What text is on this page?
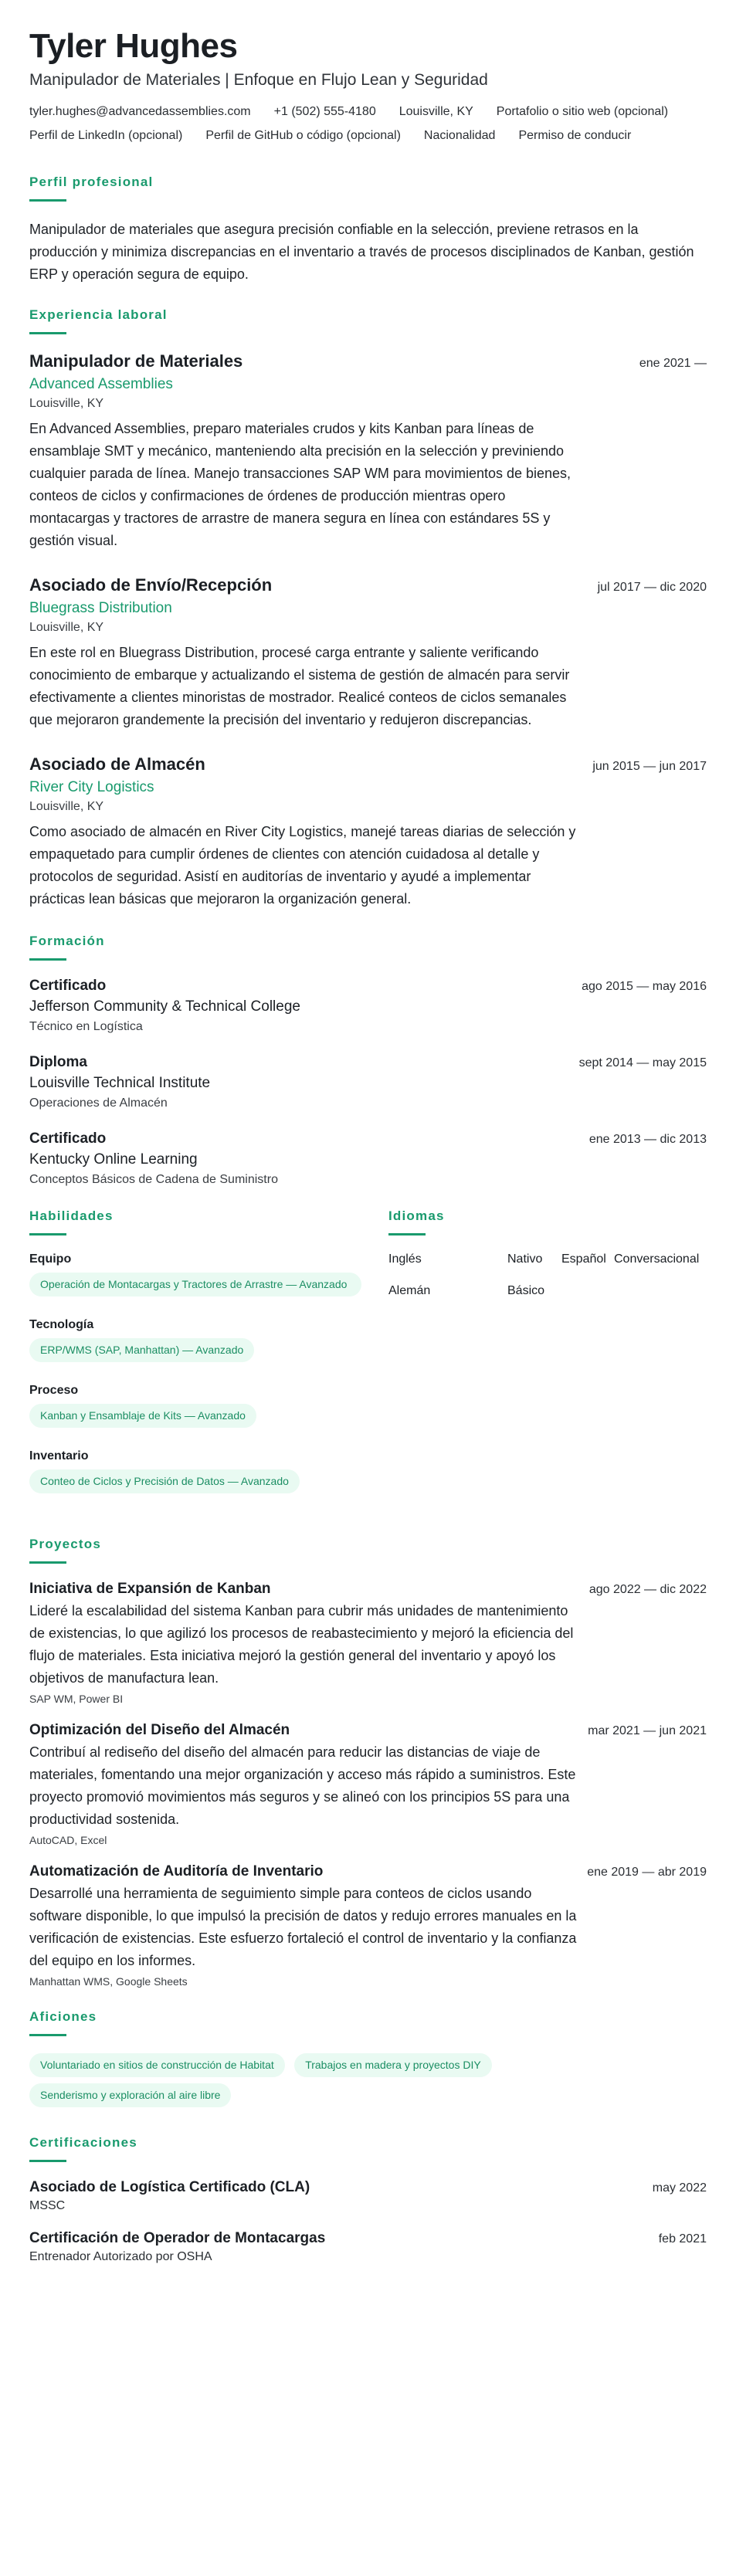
Tyler Hughes
Manipulador de Materiales | Enfoque en Flujo Lean y Seguridad
tyler.hughes@advancedassemblies.com +1 (502) 555-4180 Louisville, KY Portafolio o sitio web (opcional)
Perfil de LinkedIn (opcional) Perfil de GitHub o código (opcional) Nacionalidad Permiso de conducir
Perfil profesional

Manipulador de materiales que asegura precisión confiable en la selección, previene retrasos en la producción y minimiza discrepancias en el inventario a través de procesos disciplinados de Kanban, gestión ERP y operación segura de equipo.

Experiencia laboral
Manipulador de Materiales	ene 2021 —
Advanced Assemblies
Louisville, KY

En Advanced Assemblies, preparo materiales crudos y kits Kanban para líneas de ensamblaje SMT y mecánico, manteniendo alta precisión en la selección y previniendo cualquier parada de línea. Manejo transacciones SAP WM para movimientos de bienes, conteos de ciclos y confirmaciones de órdenes de producción mientras opero montacargas y tractores de arrastre de manera segura en línea con estándares 5S y gestión visual.

Asociado de Envío/Recepción	jul 2017 — dic 2020
Bluegrass Distribution
Louisville, KY

En este rol en Bluegrass Distribution, procesé carga entrante y saliente verificando conocimiento de embarque y actualizando el sistema de gestión de almacén para servir efectivamente a clientes minoristas de mostrador. Realicé conteos de ciclos semanales que mejoraron grandemente la precisión del inventario y redujeron discrepancias.

Asociado de Almacén	jun 2015 — jun 2017
River City Logistics
Louisville, KY

Como asociado de almacén en River City Logistics, manejé tareas diarias de selección y empaquetado para cumplir órdenes de clientes con atención cuidadosa al detalle y protocolos de seguridad. Asistí en auditorías de inventario y ayudé a implementar prácticas lean básicas que mejoraron la organización general.

Formación
Certificado	ago 2015 — may 2016
Jefferson Community & Technical College
Técnico en Logística
Diploma	sept 2014 — may 2015
Louisville Technical Institute
Operaciones de Almacén
Certificado	ene 2013 — dic 2013
Kentucky Online Learning
Conceptos Básicos de Cadena de Suministro
Habilidades
Equipo
Operación de Montacargas y Tractores de Arrastre — Avanzado
Tecnología
ERP/WMS (SAP, Manhattan) — Avanzado
Proceso
Kanban y Ensamblaje de Kits — Avanzado
Inventario
Conteo de Ciclos y Precisión de Datos — Avanzado
Idiomas
Inglés	Nativo	Español Conversacional
Alemán	Básico
Proyectos
Iniciativa de Expansión de Kanban	ago 2022 — dic 2022

Lideré la escalabilidad del sistema Kanban para cubrir más unidades de mantenimiento de existencias, lo que agilizó los procesos de reabastecimiento y mejoró la eficiencia del flujo de materiales. Esta iniciativa mejoró la gestión general del inventario y apoyó los objetivos de manufactura lean.

SAP WM, Power BI
Optimización del Diseño del Almacén	mar 2021 — jun 2021

Contribuí al rediseño del diseño del almacén para reducir las distancias de viaje de materiales, fomentando una mejor organización y acceso más rápido a suministros. Este proyecto promovió movimientos más seguros y se alineó con los principios 5S para una productividad sostenida.

AutoCAD, Excel
Automatización de Auditoría de Inventario	ene 2019 — abr 2019

Desarrollé una herramienta de seguimiento simple para conteos de ciclos usando software disponible, lo que impulsó la precisión de datos y redujo errores manuales en la verificación de existencias. Este esfuerzo fortaleció el control de inventario y la confianza del equipo en los informes.

Manhattan WMS, Google Sheets
Aficiones
Voluntariado en sitios de construcción de Habitat	Trabajos en madera y proyectos DIY Senderismo y exploración al aire libre
Certificaciones
Asociado de Logística Certificado (CLA)	may 2022
MSSC
Certificación de Operador de Montacargas	feb 2021
Entrenador Autorizado por OSHA
